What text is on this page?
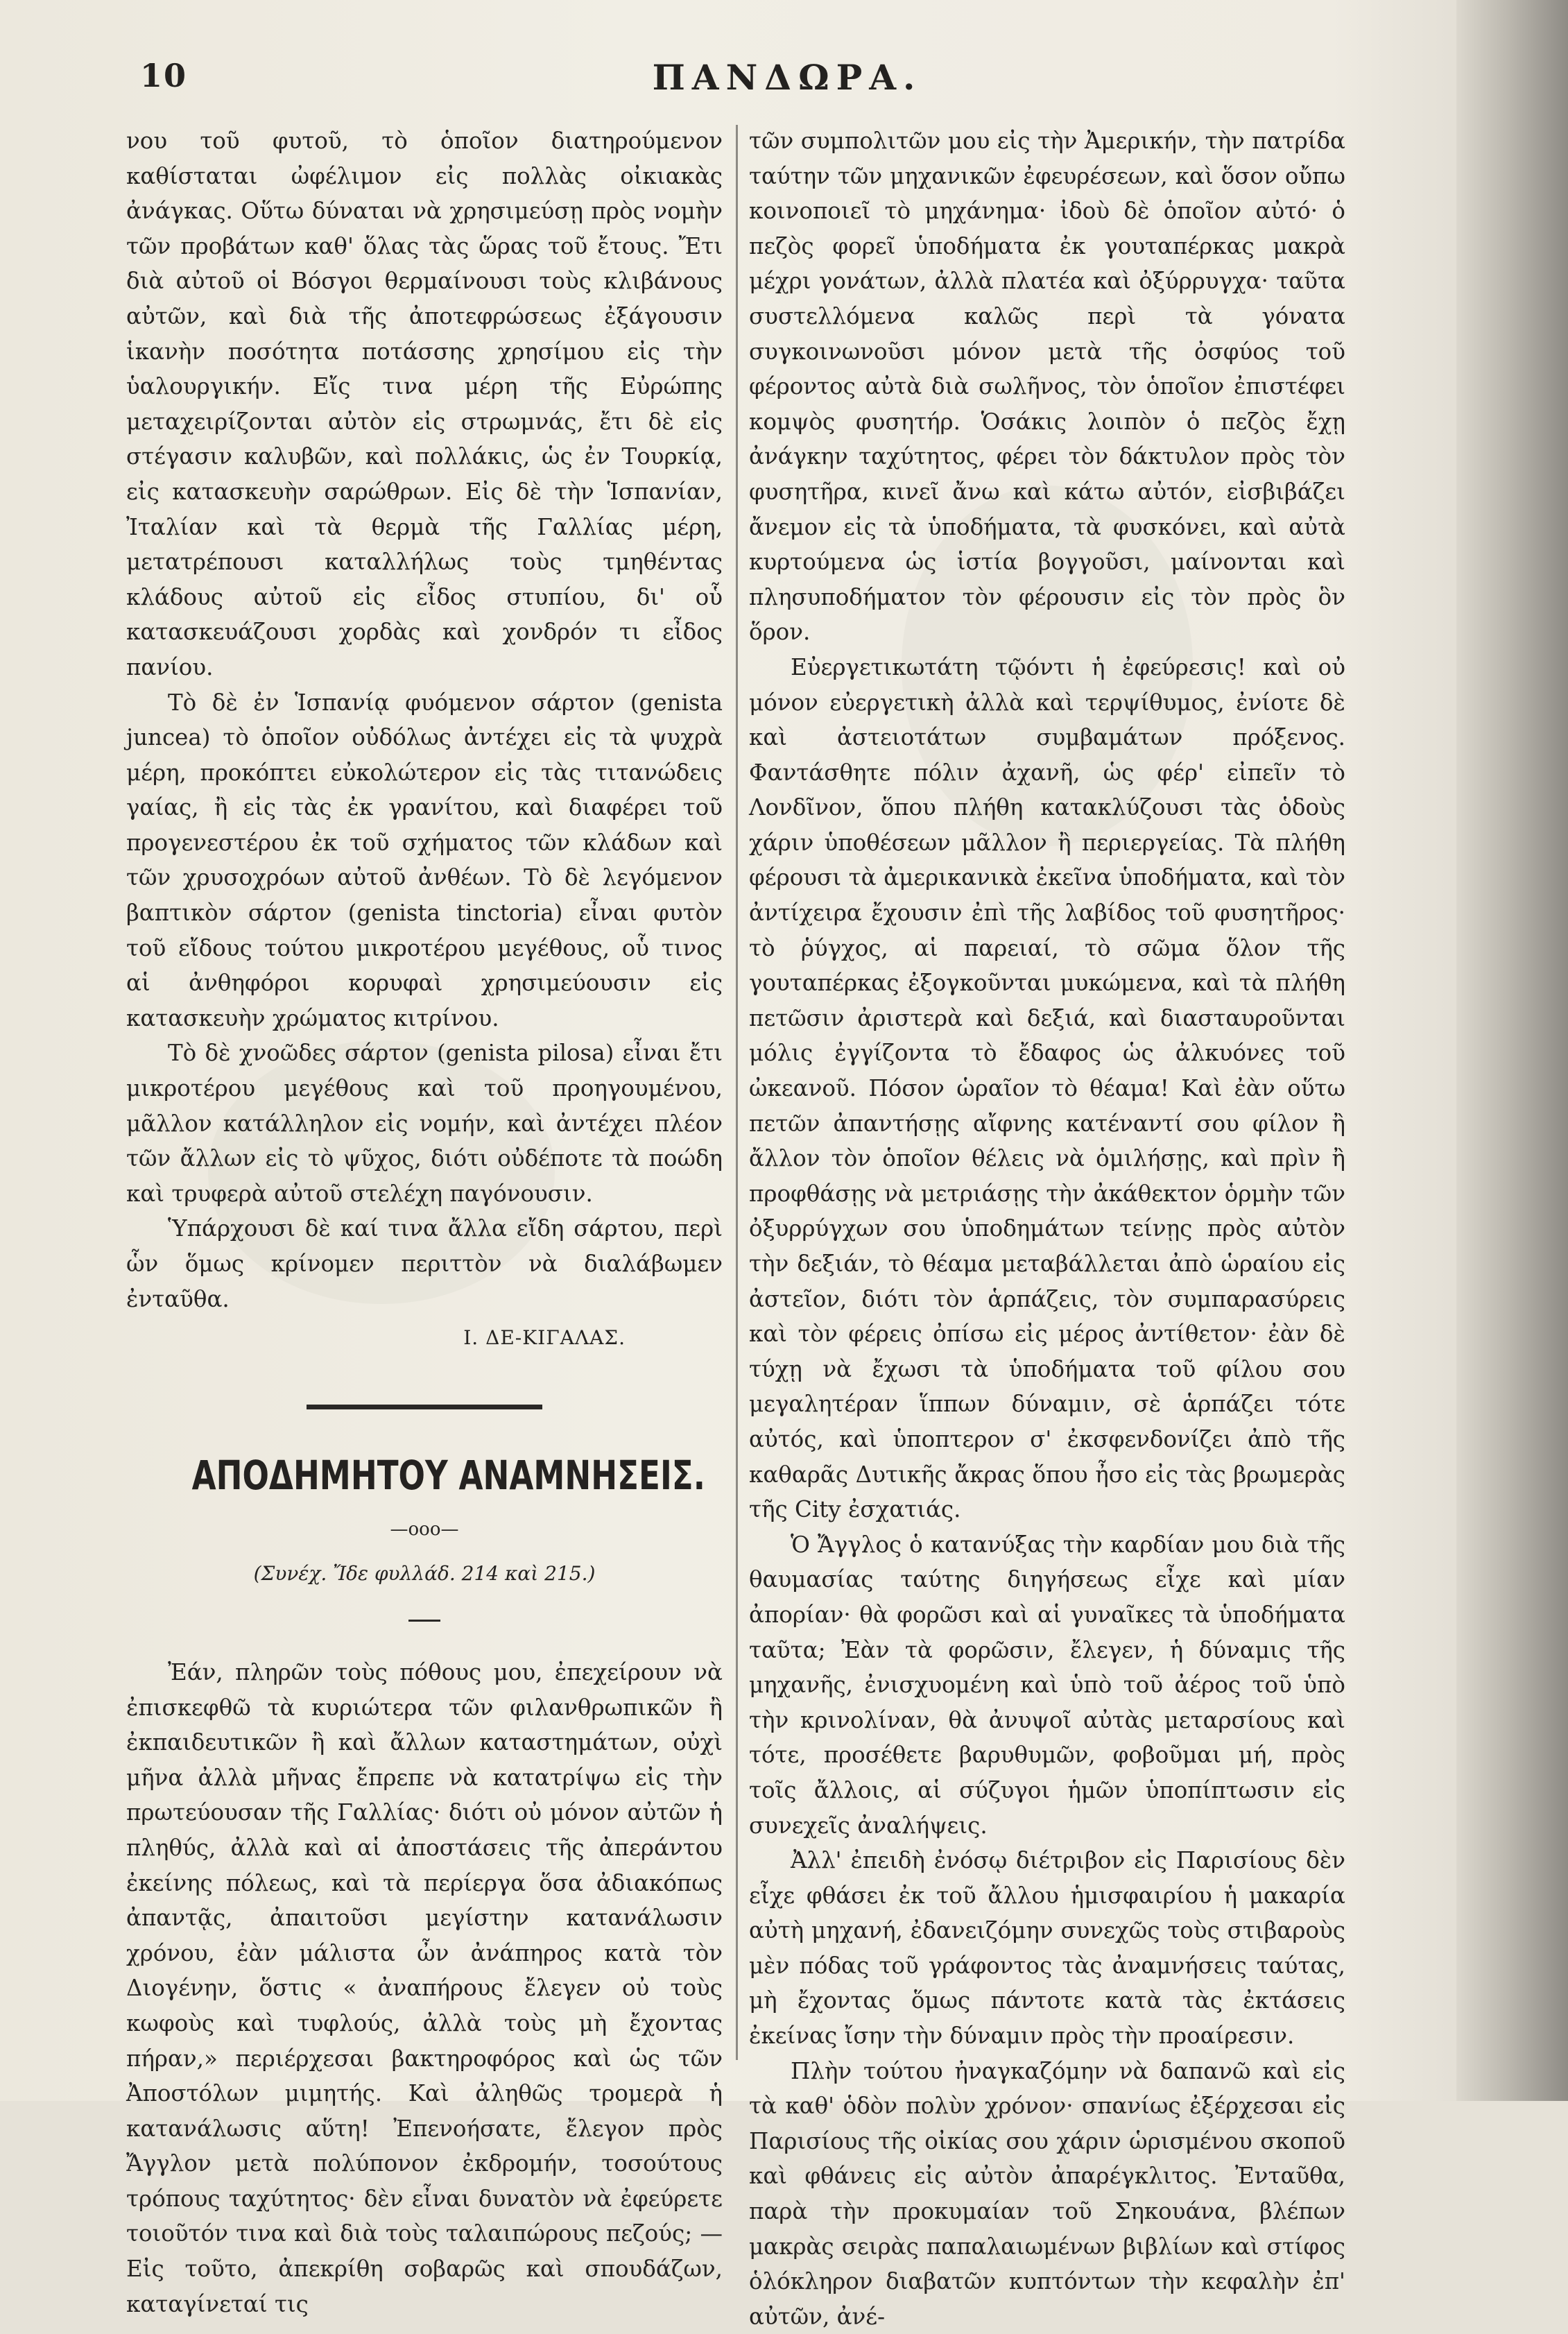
10	ΠΑΝΔΩΡΑ.

νου τοῦ φυτοῦ, τὸ ὁποῖον διατηρούμενον καθίσταται ὠφέλιμον εἰς πολλὰς οἰκιακὰς ἀνάγκας. Οὕτω δύναται νὰ χρησιμεύσῃ πρὸς νομὴν τῶν προβάτων καθ' ὅλας τὰς ὥρας τοῦ ἔτους. Ἔτι διὰ αὐτοῦ οἱ Βόσγοι θερμαίνουσι τοὺς κλιβάνους αὐτῶν, καὶ διὰ τῆς ἀποτεφρώσεως ἐξάγουσιν ἱκανὴν ποσότητα ποτάσσης χρησίμου εἰς τὴν ὑαλουργικήν. Εἴς τινα μέρη τῆς Εὐρώπης μεταχειρίζονται αὐτὸν εἰς στρωμνάς, ἔτι δὲ εἰς στέγασιν καλυβῶν, καὶ πολλάκις, ὡς ἐν Τουρκίᾳ, εἰς κατασκευὴν σαρώθρων. Εἰς δὲ τὴν Ἱσπανίαν, Ἰταλίαν καὶ τὰ θερμὰ τῆς Γαλλίας μέρη, μετατρέπουσι καταλλήλως τοὺς τμηθέντας κλάδους αὐτοῦ εἰς εἶδος στυπίου, δι' οὗ κατασκευάζουσι χορδὰς καὶ χονδρόν τι εἶδος πανίου.

Τὸ δὲ ἐν Ἱσπανίᾳ φυόμενον σάρτον (genista juncea) τὸ ὁποῖον οὐδόλως ἀντέχει εἰς τὰ ψυχρὰ μέρη, προκόπτει εὐκολώτερον εἰς τὰς τιτανώδεις γαίας, ἢ εἰς τὰς ἐκ γρανίτου, καὶ διαφέρει τοῦ προγενεστέρου ἐκ τοῦ σχήματος τῶν κλάδων καὶ τῶν χρυσοχρόων αὐτοῦ ἀνθέων. Τὸ δὲ λεγόμενον βαπτικὸν σάρτον (genista tinctoria) εἶναι φυτὸν τοῦ εἴδους τούτου μικροτέρου μεγέθους, οὗ τινος αἱ ἀνθηφόροι κορυφαὶ χρησιμεύουσιν εἰς κατασκευὴν χρώματος κιτρίνου.

Τὸ δὲ χνοῶδες σάρτον (genista pilosa) εἶναι ἔτι μικροτέρου μεγέθους καὶ τοῦ προηγουμένου, μᾶλλον κατάλληλον εἰς νομήν, καὶ ἀντέχει πλέον τῶν ἄλλων εἰς τὸ ψῦχος, διότι οὐδέποτε τὰ ποώδη καὶ τρυφερὰ αὐτοῦ στελέχη παγόνουσιν.

Ὑπάρχουσι δὲ καί τινα ἄλλα εἴδη σάρτου, περὶ ὧν ὅμως κρίνομεν περιττὸν νὰ διαλάβωμεν ἐνταῦθα.

Ι. ΔΕ-ΚΙΓΑΛΑΣ.
ΑΠΟΔΗΜΗΤΟΥ ΑΝΑΜΝΗΣΕΙΣ.
—οοο—
(Συνέχ. Ἴδε φυλλάδ. 214 καὶ 215.)

Ἐάν, πληρῶν τοὺς πόθους μου, ἐπεχείρουν νὰ ἐπισκεφθῶ τὰ κυριώτερα τῶν φιλανθρωπικῶν ἢ ἐκπαιδευτικῶν ἢ καὶ ἄλλων καταστημάτων, οὐχὶ μῆνα ἀλλὰ μῆνας ἔπρεπε νὰ κατατρίψω εἰς τὴν πρωτεύουσαν τῆς Γαλλίας· διότι οὐ μόνον αὐτῶν ἡ πληθύς, ἀλλὰ καὶ αἱ ἀποστάσεις τῆς ἀπεράντου ἐκείνης πόλεως, καὶ τὰ περίεργα ὅσα ἀδιακόπως ἀπαντᾷς, ἀπαιτοῦσι μεγίστην κατανάλωσιν χρόνου, ἐὰν μάλιστα ὦν ἀνάπηρος κατὰ τὸν Διογένην, ὅστις « ἀναπήρους ἔλεγεν οὐ τοὺς κωφοὺς καὶ τυφλούς, ἀλλὰ τοὺς μὴ ἔχοντας πήραν,» περιέρχεσαι βακτηροφόρος καὶ ὡς τῶν Ἀποστόλων μιμητής. Καὶ ἀληθῶς τρομερὰ ἡ κατανάλωσις αὕτη! Ἐπενοήσατε, ἔλεγον πρὸς Ἄγγλον μετὰ πολύπονον ἐκδρομήν, τοσούτους τρόπους ταχύτητος· δὲν εἶναι δυνατὸν νὰ ἐφεύρετε τοιοῦτόν τινα καὶ διὰ τοὺς ταλαιπώρους πεζούς; — Εἰς τοῦτο, ἀπεκρίθη σοβαρῶς καὶ σπουδάζων, καταγίνεταί τις

τῶν συμπολιτῶν μου εἰς τὴν Ἀμερικήν, τὴν πατρίδα ταύτην τῶν μηχανικῶν ἐφευρέσεων, καὶ ὅσον οὔπω κοινοποιεῖ τὸ μηχάνημα· ἰδοὺ δὲ ὁποῖον αὐτό· ὁ πεζὸς φορεῖ ὑποδήματα ἐκ γουταπέρκας μακρὰ μέχρι γονάτων, ἀλλὰ πλατέα καὶ ὀξύρρυγχα· ταῦτα συστελλόμενα καλῶς περὶ τὰ γόνατα συγκοινωνοῦσι μόνον μετὰ τῆς ὀσφύος τοῦ φέροντος αὐτὰ διὰ σωλῆνος, τὸν ὁποῖον ἐπιστέφει κομψὸς φυσητήρ. Ὁσάκις λοιπὸν ὁ πεζὸς ἔχῃ ἀνάγκην ταχύτητος, φέρει τὸν δάκτυλον πρὸς τὸν φυσητῆρα, κινεῖ ἄνω καὶ κάτω αὐτόν, εἰσβιβάζει ἄνεμον εἰς τὰ ὑποδήματα, τὰ φυσκόνει, καὶ αὐτὰ κυρτούμενα ὡς ἱστία βογγοῦσι, μαίνονται καὶ πλησυποδήματον τὸν φέρουσιν εἰς τὸν πρὸς ὃν ὅρον.

Εὐεργετικωτάτη τῷόντι ἡ ἐφεύρεσις! καὶ οὐ μόνον εὐεργετικὴ ἀλλὰ καὶ τερψίθυμος, ἐνίοτε δὲ καὶ ἀστειοτάτων συμβαμάτων πρόξενος. Φαντάσθητε πόλιν ἀχανῆ, ὡς φέρ' εἰπεῖν τὸ Λονδῖνον, ὅπου πλήθη κατακλύζουσι τὰς ὁδοὺς χάριν ὑποθέσεων μᾶλλον ἢ περιεργείας. Τὰ πλήθη φέρουσι τὰ ἀμερικανικὰ ἐκεῖνα ὑποδήματα, καὶ τὸν ἀντίχειρα ἔχουσιν ἐπὶ τῆς λαβίδος τοῦ φυσητῆρος· τὸ ῥύγχος, αἱ παρειαί, τὸ σῶμα ὅλον τῆς γουταπέρκας ἐξογκοῦνται μυκώμενα, καὶ τὰ πλήθη πετῶσιν ἀριστερὰ καὶ δεξιά, καὶ διασταυροῦνται μόλις ἐγγίζοντα τὸ ἔδαφος ὡς ἀλκυόνες τοῦ ὠκεανοῦ. Πόσον ὡραῖον τὸ θέαμα! Καὶ ἐὰν οὕτω πετῶν ἀπαντήσῃς αἴφνης κατέναντί σου φίλον ἢ ἄλλον τὸν ὁποῖον θέλεις νὰ ὁμιλήσῃς, καὶ πρὶν ἢ προφθάσῃς νὰ μετριάσῃς τὴν ἀκάθεκτον ὁρμὴν τῶν ὀξυρρύγχων σου ὑποδημάτων τείνῃς πρὸς αὐτὸν τὴν δεξιάν, τὸ θέαμα μεταβάλλεται ἀπὸ ὡραίου εἰς ἀστεῖον, διότι τὸν ἁρπάζεις, τὸν συμπαρασύρεις καὶ τὸν φέρεις ὀπίσω εἰς μέρος ἀντίθετον· ἐὰν δὲ τύχῃ νὰ ἔχωσι τὰ ὑποδήματα τοῦ φίλου σου μεγαλητέραν ἵππων δύναμιν, σὲ ἁρπάζει τότε αὐτός, καὶ ὑποπτερον σ' ἐκσφενδονίζει ἀπὸ τῆς καθαρᾶς Δυτικῆς ἄκρας ὅπου ἦσο εἰς τὰς βρωμερὰς τῆς City ἐσχατιάς.

Ὁ Ἄγγλος ὁ κατανύξας τὴν καρδίαν μου διὰ τῆς θαυμασίας ταύτης διηγήσεως εἶχε καὶ μίαν ἀπορίαν· θὰ φορῶσι καὶ αἱ γυναῖκες τὰ ὑποδήματα ταῦτα; Ἐὰν τὰ φορῶσιν, ἔλεγεν, ἡ δύναμις τῆς μηχανῆς, ἐνισχυομένη καὶ ὑπὸ τοῦ ἀέρος τοῦ ὑπὸ τὴν κρινολίναν, θὰ ἀνυψοῖ αὐτὰς μεταρσίους καὶ τότε, προσέθετε βαρυθυμῶν, φοβοῦμαι μή, πρὸς τοῖς ἄλλοις, αἱ σύζυγοι ἡμῶν ὑποπίπτωσιν εἰς συνεχεῖς ἀναλήψεις.

Ἀλλ' ἐπειδὴ ἐνόσῳ διέτριβον εἰς Παρισίους δὲν εἶχε φθάσει ἐκ τοῦ ἄλλου ἡμισφαιρίου ἡ μακαρία αὐτὴ μηχανή, ἐδανειζόμην συνεχῶς τοὺς στιβαροὺς μὲν πόδας τοῦ γράφοντος τὰς ἀναμνήσεις ταύτας, μὴ ἔχοντας ὅμως πάντοτε κατὰ τὰς ἐκτάσεις ἐκείνας ἴσην τὴν δύναμιν πρὸς τὴν προαίρεσιν.

Πλὴν τούτου ἠναγκαζόμην νὰ δαπανῶ καὶ εἰς τὰ καθ' ὁδὸν πολὺν χρόνον· σπανίως ἐξέρχεσαι εἰς Παρισίους τῆς οἰκίας σου χάριν ὡρισμένου σκοποῦ καὶ φθάνεις εἰς αὐτὸν ἀπαρέγκλιτος. Ἐνταῦθα, παρὰ τὴν προκυμαίαν τοῦ Σηκουάνα, βλέπων μακρὰς σειρὰς παπαλαιωμένων βιβλίων καὶ στίφος ὁλόκληρον διαβατῶν κυπτόντων τὴν κεφαλὴν ἐπ' αὐτῶν, ἀνέ-
